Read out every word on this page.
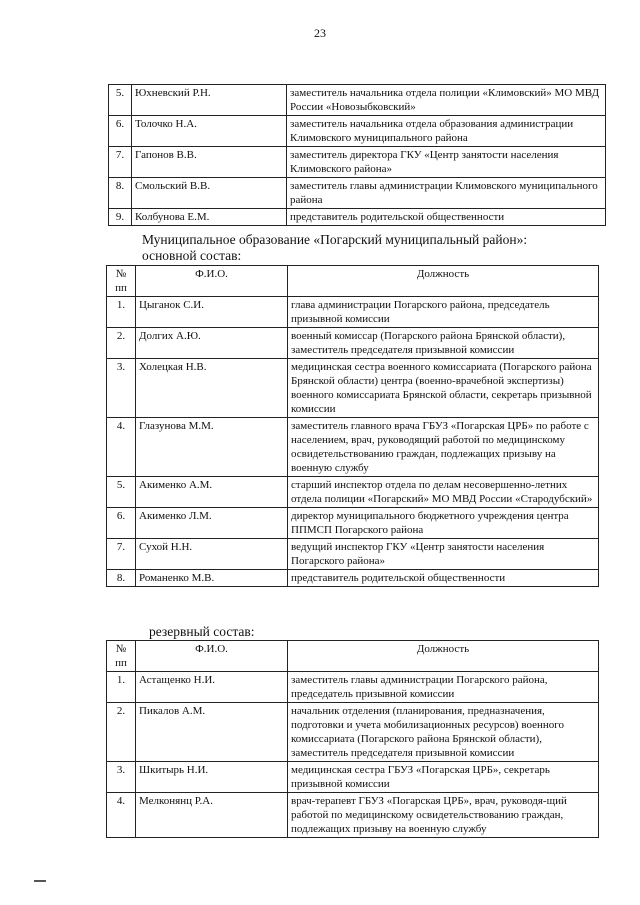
23
5.	Юхневский Р.Н.	заместитель начальника отдела полиции «Климовский» МО МВД России «Новозыбковский»
6.	Толочко Н.А.	заместитель начальника отдела образования администрации Климовского муниципального района
7.	Гапонов В.В.	заместитель директора ГКУ «Центр занятости населения Климовского района»
8.	Смольский В.В.	заместитель главы администрации Климовского муниципального района
9.	Колбунова Е.М.	представитель родительской общественности
Муниципальное образование «Погарский муниципальный район»:
основной состав:
№ пп	Ф.И.О.	Должность
1.	Цыганок С.И.	глава администрации Погарского района, председатель призывной комиссии
2.	Долгих А.Ю.	военный комиссар (Погарского района Брянской области), заместитель председателя призывной комиссии
3.	Холецкая Н.В.	медицинская сестра военного комиссариата (Погарского района Брянской области) центра (военно-врачебной экспертизы) военного комиссариата Брянской области, секретарь призывной комиссии
4.	Глазунова М.М.	заместитель главного врача ГБУЗ «Погарская ЦРБ» по работе с населением, врач, руководящий работой по медицинскому освидетельствованию граждан, подлежащих призыву на военную службу
5.	Акименко А.М.	старший инспектор отдела по делам несовершенно-летних отдела полиции «Погарский» МО МВД России «Стародубский»
6.	Акименко Л.М.	директор муниципального бюджетного учреждения центра ППМСП Погарского района
7.	Сухой Н.Н.	ведущий инспектор ГКУ «Центр занятости населения Погарского района»
8.	Романенко М.В.	представитель родительской общественности
резервный состав:
№ пп	Ф.И.О.	Должность
1.	Астащенко Н.И.	заместитель главы администрации Погарского района, председатель призывной комиссии
2.	Пикалов А.М.	начальник отделения (планирования, предназначения, подготовки и учета мобилизационных ресурсов) военного комиссариата (Погарского района Брянской области), заместитель председателя призывной комиссии
3.	Шкитырь Н.И.	медицинская сестра ГБУЗ «Погарская ЦРБ», секретарь призывной комиссии
4.	Мелконянц Р.А.	врач-терапевт ГБУЗ «Погарская ЦРБ», врач, руководя-щий работой по медицинскому освидетельствованию граждан, подлежащих призыву на военную службу
